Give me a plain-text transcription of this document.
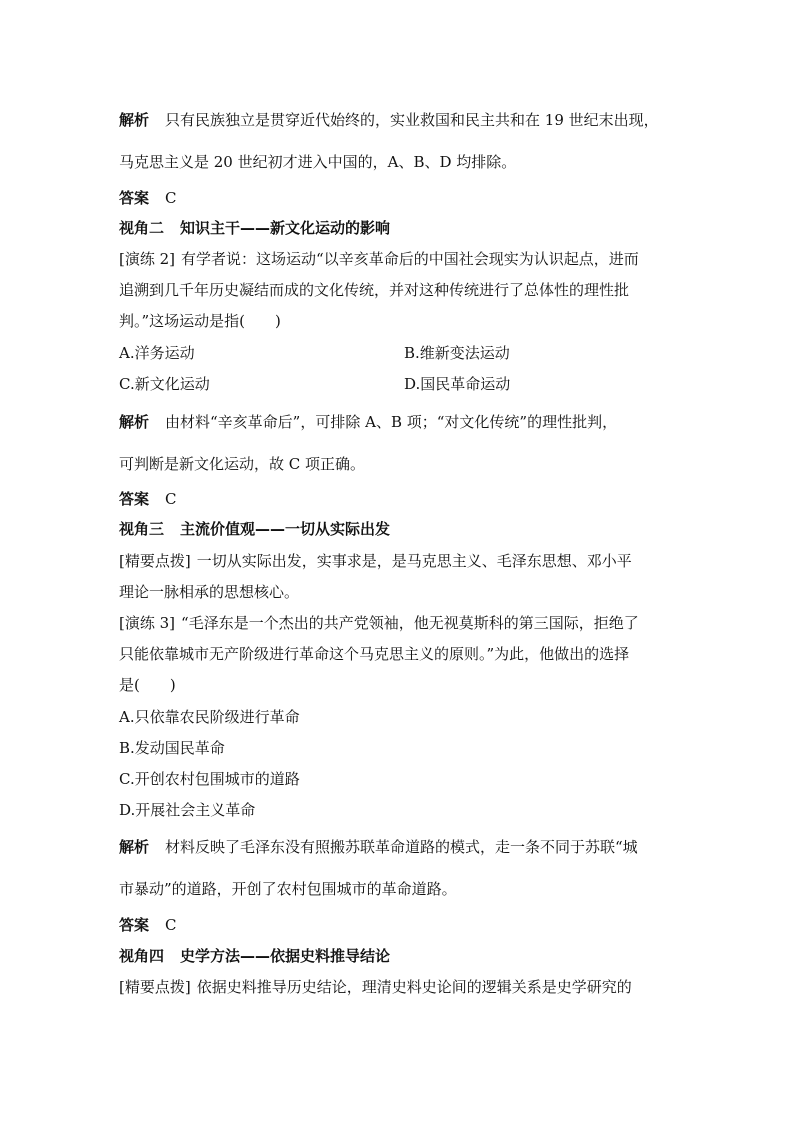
解析 只有民族独立是贯穿近代始终的，实业救国和民主共和在 19 世纪末出现，
马克思主义是 20 世纪初才进入中国的，A、B、D 均排除。
答案 C
视角二 知识主干——新文化运动的影响
[演练 2] 有学者说：这场运动“以辛亥革命后的中国社会现实为认识起点，进而
追溯到几千年历史凝结而成的文化传统，并对这种传统进行了总体性的理性批
判。”这场运动是指(　　)
A.洋务运动	B.维新变法运动
C.新文化运动	D.国民革命运动
解析 由材料“辛亥革命后”，可排除 A、B 项；“对文化传统”的理性批判，
可判断是新文化运动，故 C 项正确。
答案 C
视角三 主流价值观——一切从实际出发
[精要点拨] 一切从实际出发，实事求是，是马克思主义、毛泽东思想、邓小平
理论一脉相承的思想核心。
[演练 3] “毛泽东是一个杰出的共产党领袖，他无视莫斯科的第三国际，拒绝了
只能依靠城市无产阶级进行革命这个马克思主义的原则。”为此，他做出的选择
是(　　)
A.只依靠农民阶级进行革命
B.发动国民革命
C.开创农村包围城市的道路
D.开展社会主义革命
解析 材料反映了毛泽东没有照搬苏联革命道路的模式，走一条不同于苏联“城
市暴动”的道路，开创了农村包围城市的革命道路。
答案 C
视角四 史学方法——依据史料推导结论
[精要点拨] 依据史料推导历史结论，理清史料史论间的逻辑关系是史学研究的
